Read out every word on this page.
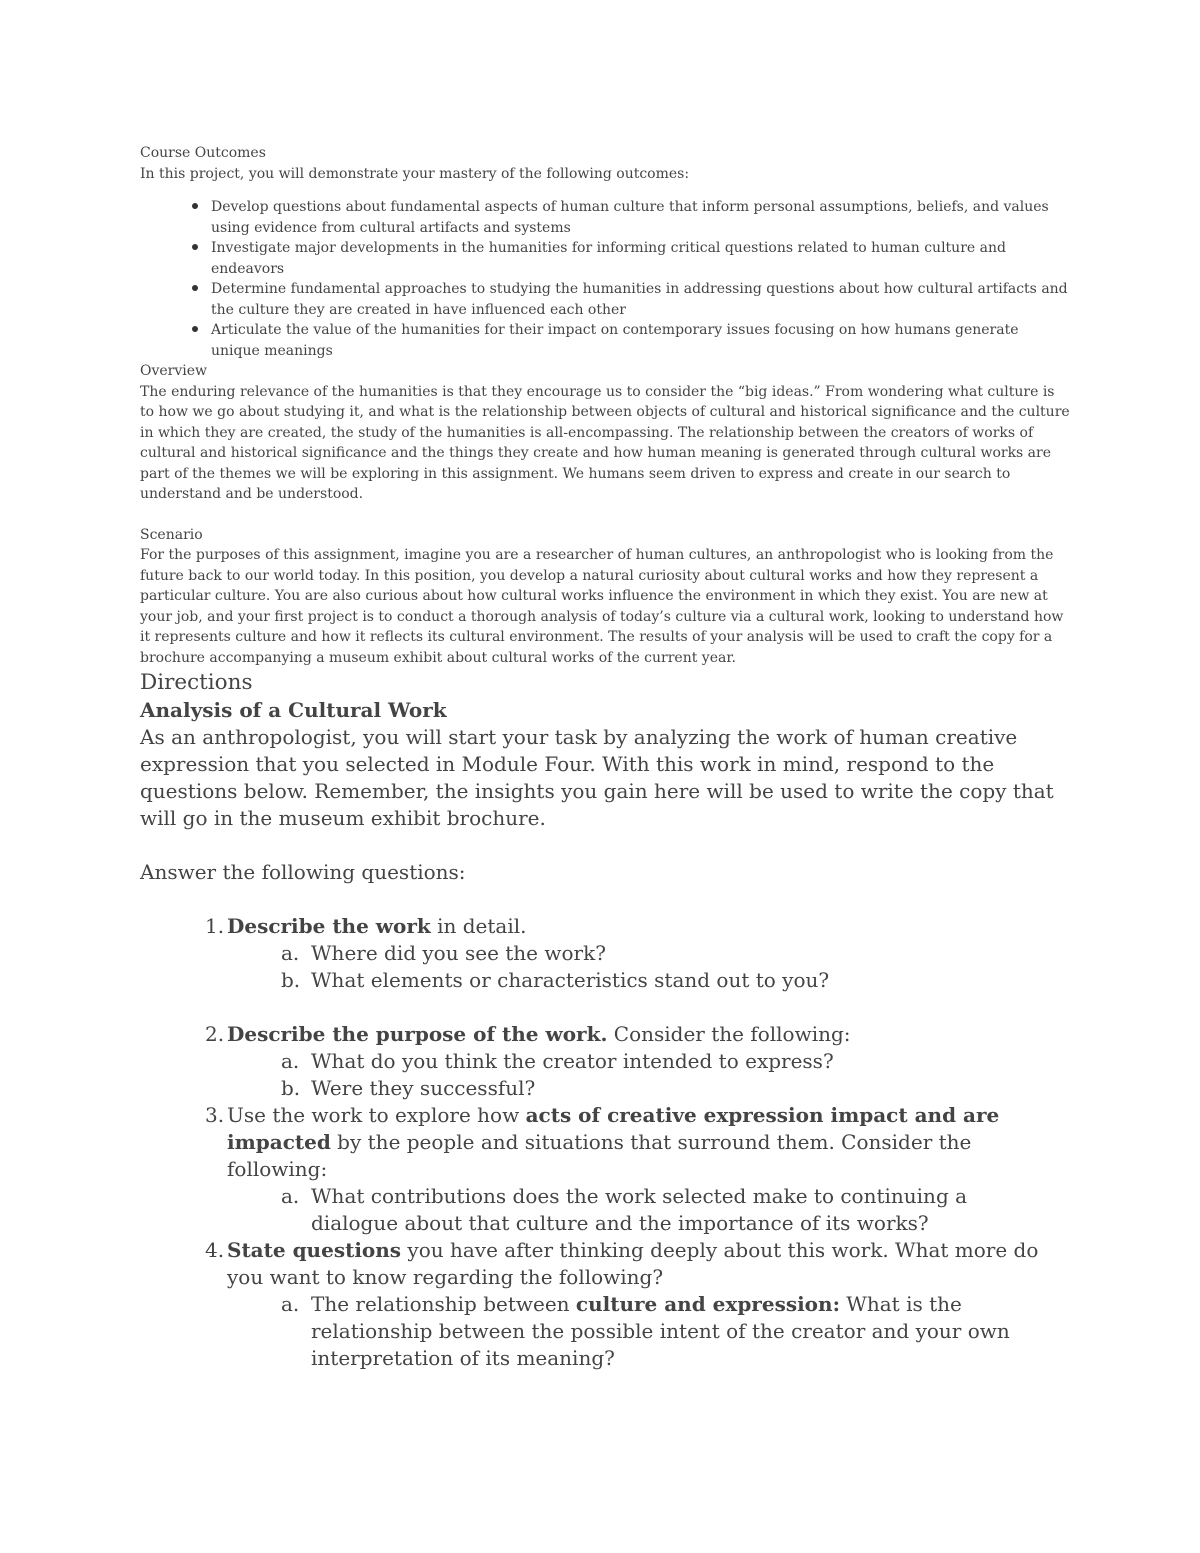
Course Outcomes

In this project, you will demonstrate your mastery of the following outcomes:

Develop questions about fundamental aspects of human culture that inform personal assumptions, beliefs, and values using evidence from cultural artifacts and systems
Investigate major developments in the humanities for informing critical questions related to human culture and endeavors
Determine fundamental approaches to studying the humanities in addressing questions about how cultural artifacts and the culture they are created in have influenced each other
Articulate the value of the humanities for their impact on contemporary issues focusing on how humans generate unique meanings

Overview

The enduring relevance of the humanities is that they encourage us to consider the “big ideas.” From wondering what culture is to how we go about studying it, and what is the relationship between objects of cultural and historical significance and the culture in which they are created, the study of the humanities is all-encompassing. The relationship between the creators of works of cultural and historical significance and the things they create and how human meaning is generated through cultural works are part of the themes we will be exploring in this assignment. We humans seem driven to express and create in our search to understand and be understood.

Scenario

For the purposes of this assignment, imagine you are a researcher of human cultures, an anthropologist who is looking from the future back to our world today. In this position, you develop a natural curiosity about cultural works and how they represent a particular culture. You are also curious about how cultural works influence the environment in which they exist. You are new at your job, and your first project is to conduct a thorough analysis of today’s culture via a cultural work, looking to understand how it represents culture and how it reflects its cultural environment. The results of your analysis will be used to craft the copy for a brochure accompanying a museum exhibit about cultural works of the current year.

Directions

Analysis of a Cultural Work

As an anthropologist, you will start your task by analyzing the work of human creative expression that you selected in Module Four. With this work in mind, respond to the questions below. Remember, the insights you gain here will be used to write the copy that will go in the museum exhibit brochure.

Answer the following questions:

1. Describe the work in detail.

a. Where did you see the work?

b. What elements or characteristics stand out to you?

2. Describe the purpose of the work. Consider the following:

a. What do you think the creator intended to express?

b. Were they successful?

3. Use the work to explore how acts of creative expression impact and are impacted by the people and situations that surround them. Consider the following:

a. What contributions does the work selected make to continuing a dialogue about that culture and the importance of its works?

4. State questions you have after thinking deeply about this work. What more do you want to know regarding the following?

a. The relationship between culture and expression: What is the relationship between the possible intent of the creator and your own interpretation of its meaning?
